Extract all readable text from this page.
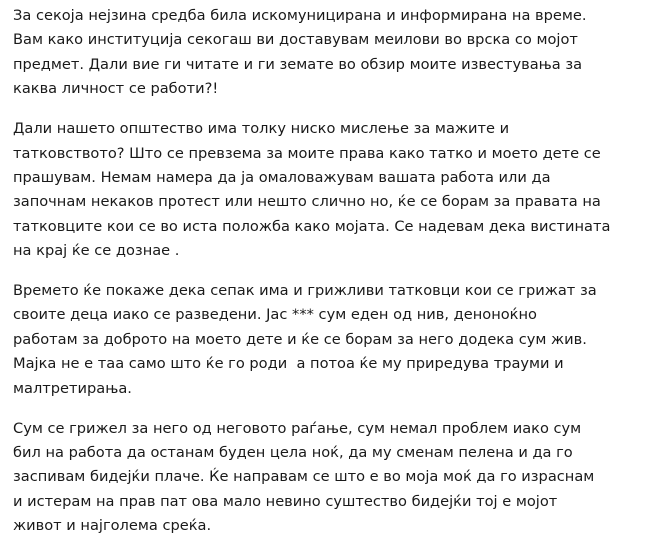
За секоја нејзина средба била искомуницирана и информирана на време.
Вам како институција секогаш ви доставувам меилови во врска со мојот
предмет. Дали вие ги читате и ги земате во обзир моите известувања за
каква личност се работи?!
Дали нашето општество има толку ниско мислење за мажите и
татковството? Што се превзема за моите права како татко и моето дете се
прашувам. Немам намера да ја омаловажувам вашата работа или да
започнам некаков протест или нешто слично но, ќе се борам за правата на
татковците кои се во иста положба како мојата. Се надевам дека вистината
на крај ќе се дознае .
Времето ќе покаже дека сепак има и грижливи татковци кои се грижат за
своите деца иако се разведени. Јас *** сум еден од нив, деноноќно
работам за доброто на моето дете и ќе се борам за него додека сум жив.
Мајка не е таа само што ќе го роди  а потоа ќе му приредува трауми и
малтретирања.
Сум се грижел за него од неговото раѓање, сум немал проблем иако сум
бил на работа да останам буден цела ноќ, да му сменам пелена и да го
заспивам бидејќи плаче. Ќе направам се што е во моја моќ да го израснам
и истерам на прав пат ова мало невино суштество бидејќи тој е мојот
живот и најголема среќа.
